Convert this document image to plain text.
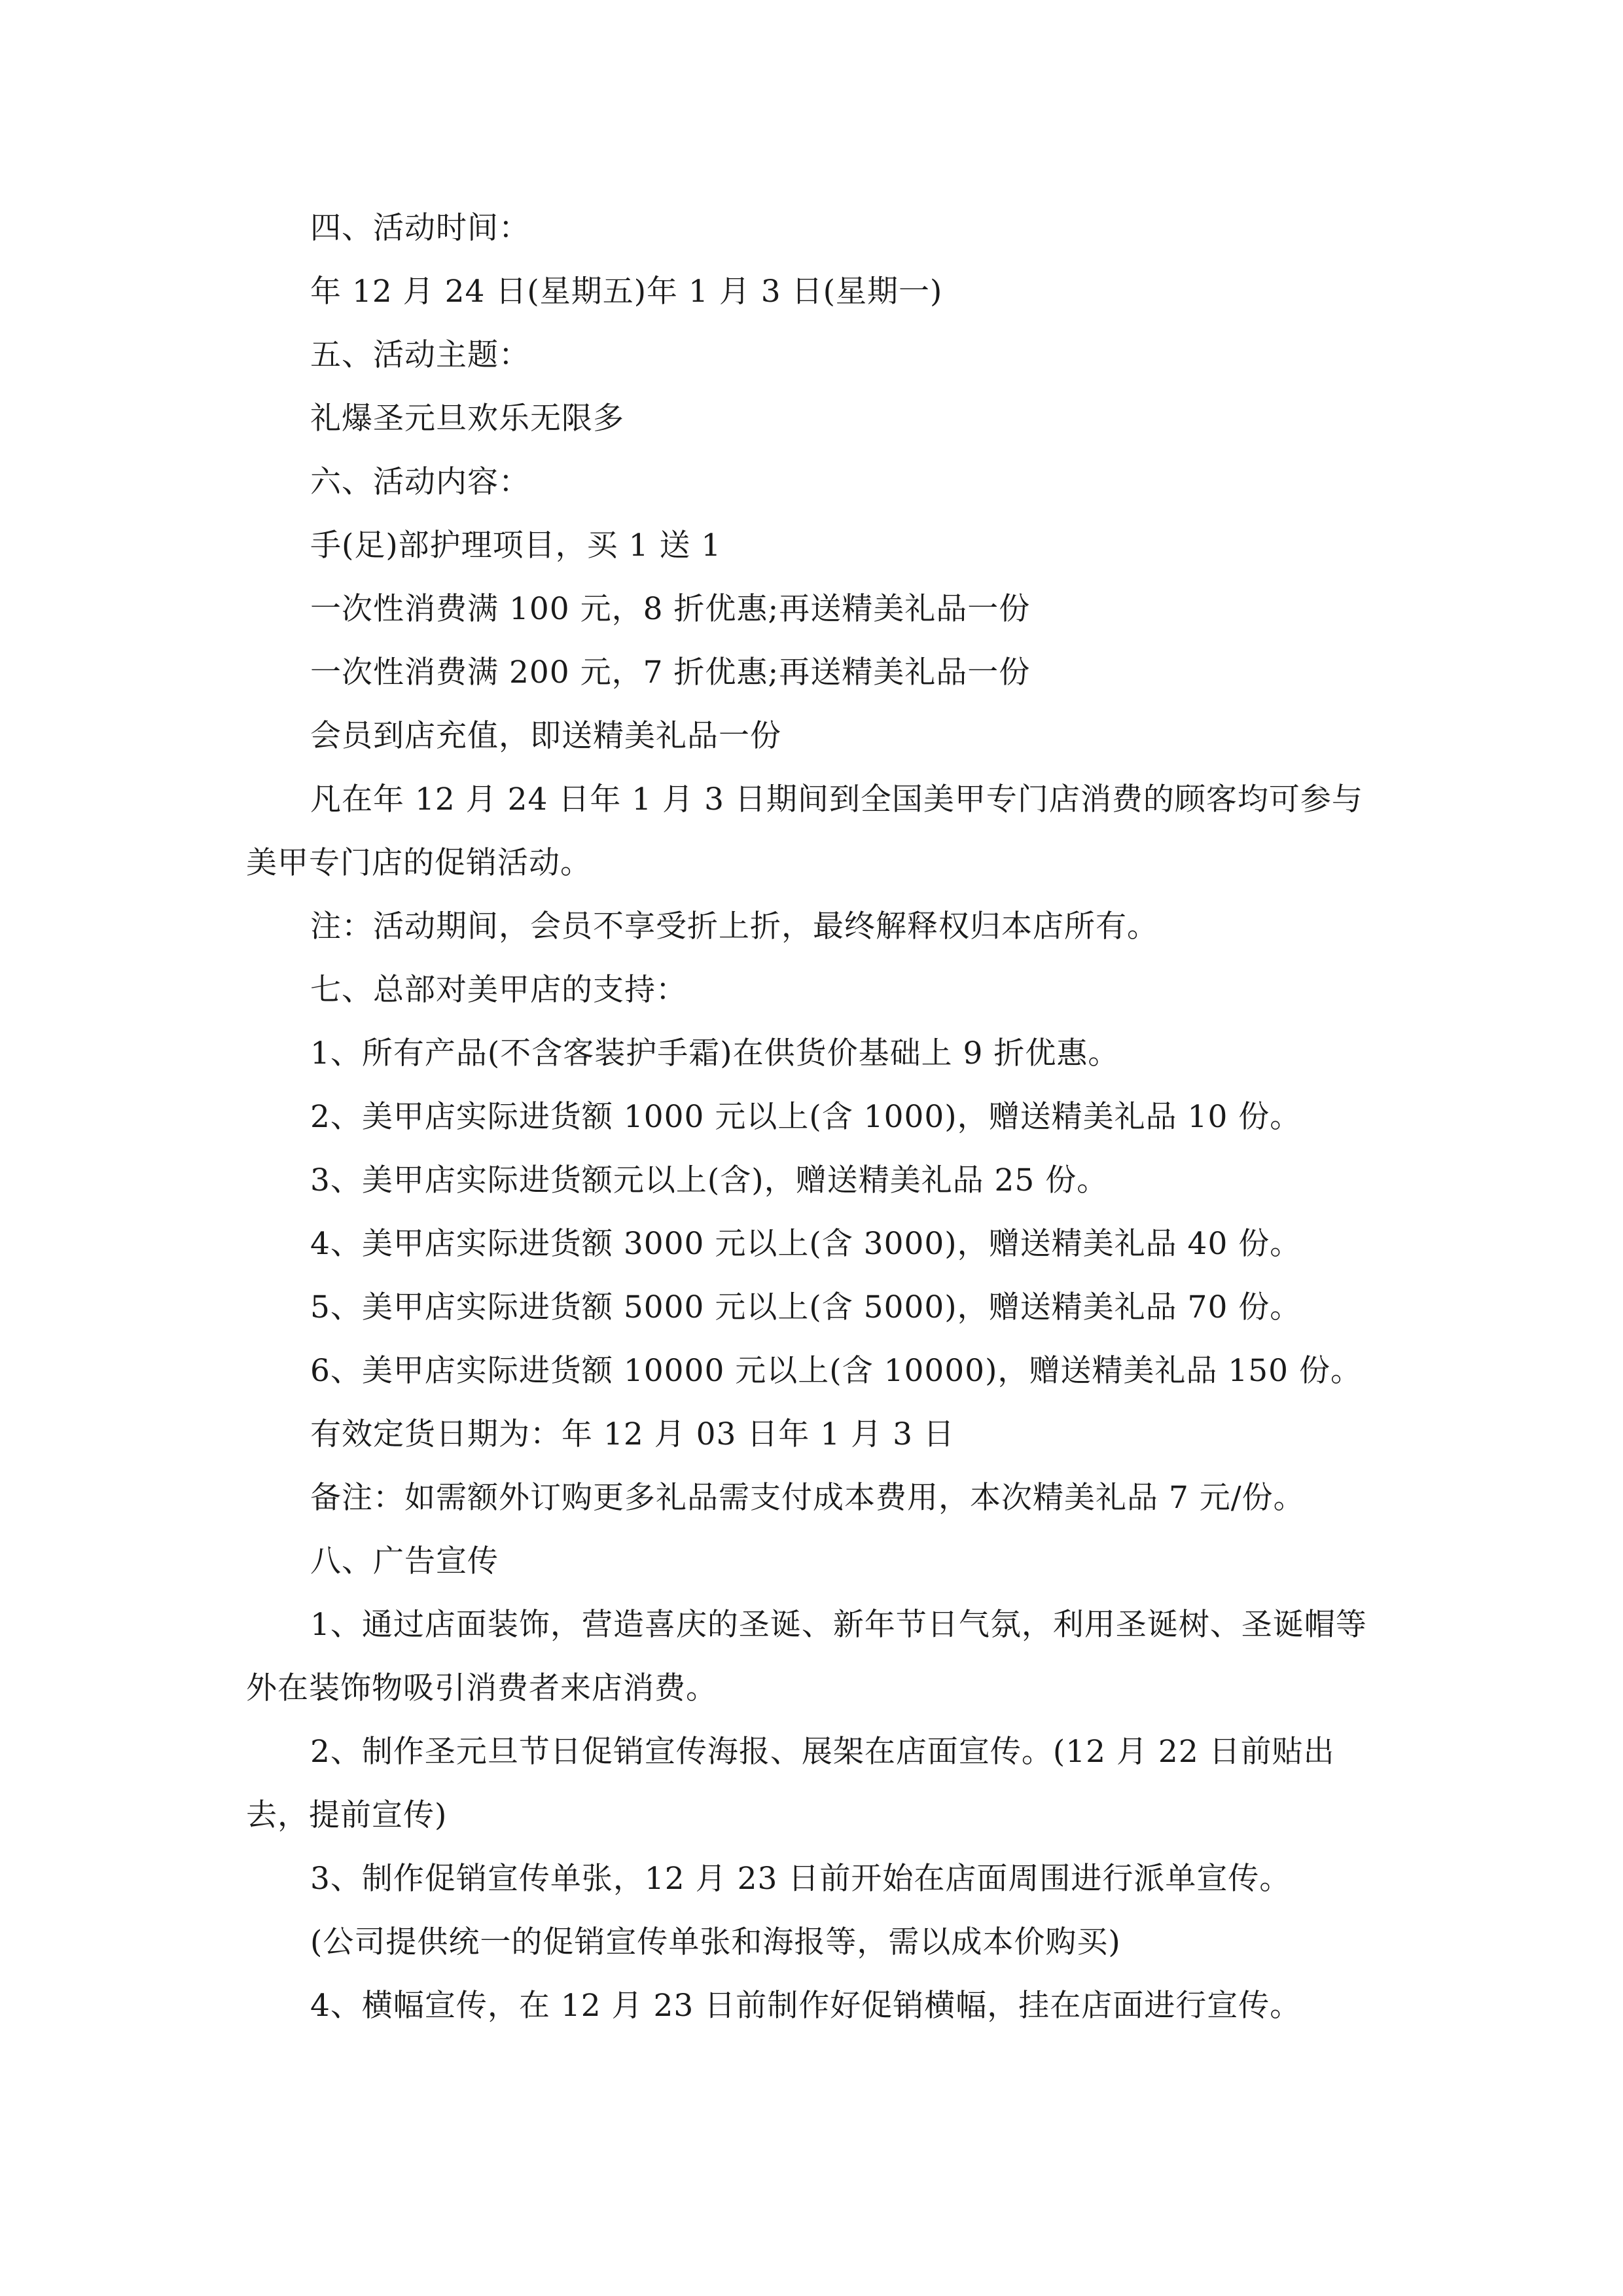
四、活动时间：

年 12 月 24 日(星期五)年 1 月 3 日(星期一)

五、活动主题：

礼爆圣元旦欢乐无限多

六、活动内容：

手(足)部护理项目，买 1 送 1

一次性消费满 100 元，8 折优惠;再送精美礼品一份

一次性消费满 200 元，7 折优惠;再送精美礼品一份

会员到店充值，即送精美礼品一份

凡在年 12 月 24 日年 1 月 3 日期间到全国美甲专门店消费的顾客均可参与美甲专门店的促销活动。

注：活动期间，会员不享受折上折，最终解释权归本店所有。

七、总部对美甲店的支持：

1、所有产品(不含客装护手霜)在供货价基础上 9 折优惠。

2、美甲店实际进货额 1000 元以上(含 1000)，赠送精美礼品 10 份。

3、美甲店实际进货额元以上(含)，赠送精美礼品 25 份。

4、美甲店实际进货额 3000 元以上(含 3000)，赠送精美礼品 40 份。

5、美甲店实际进货额 5000 元以上(含 5000)，赠送精美礼品 70 份。

6、美甲店实际进货额 10000 元以上(含 10000)，赠送精美礼品 150 份。

有效定货日期为：年 12 月 03 日年 1 月 3 日

备注：如需额外订购更多礼品需支付成本费用，本次精美礼品 7 元/份。

八、广告宣传

1、通过店面装饰，营造喜庆的圣诞、新年节日气氛，利用圣诞树、圣诞帽等外在装饰物吸引消费者来店消费。

2、制作圣元旦节日促销宣传海报、展架在店面宣传。(12 月 22 日前贴出去，提前宣传)

3、制作促销宣传单张，12 月 23 日前开始在店面周围进行派单宣传。

(公司提供统一的促销宣传单张和海报等，需以成本价购买)

4、横幅宣传，在 12 月 23 日前制作好促销横幅，挂在店面进行宣传。
